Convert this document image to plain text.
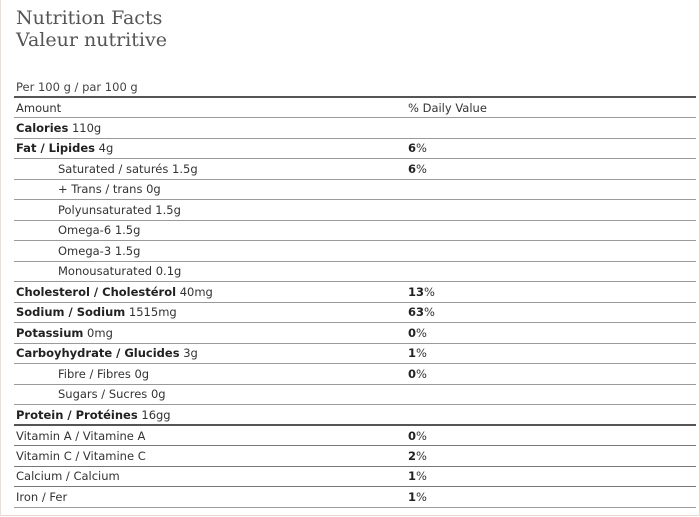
Nutrition Facts
Valeur nutritive
Per 100 g / par 100 g
Amount	% Daily Value
Calories 110g	
Fat / Lipides 4g	6%
Saturated / saturés 1.5g	6%
+ Trans / trans 0g	
Polyunsaturated 1.5g	
Omega-6 1.5g	
Omega-3 1.5g	
Monousaturated 0.1g	
Cholesterol / Cholestérol 40mg	13%
Sodium / Sodium 1515mg	63%
Potassium 0mg	0%
Carboyhydrate / Glucides 3g	1%
Fibre / Fibres 0g	0%
Sugars / Sucres 0g	
Protein / Protéines 16gg	
Vitamin A / Vitamine A	0%
Vitamin C / Vitamine C	2%
Calcium / Calcium	1%
Iron / Fer	1%
